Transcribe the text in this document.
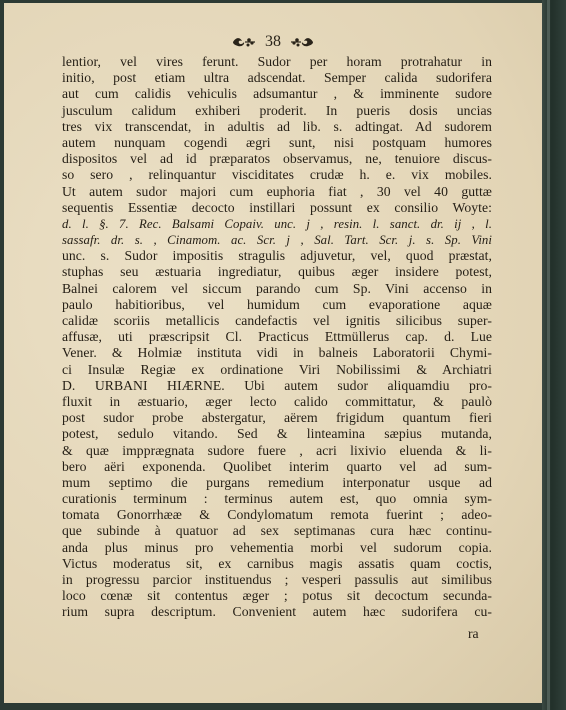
38
lentior, vel vires ferunt. Sudor per horam protrahatur in
initio, post etiam ultra adscendat. Semper calida sudorifera
aut cum calidis vehiculis adsumantur , & imminente sudore
jusculum calidum exhiberi proderit. In pueris dosis uncias
tres vix transcendat, in adultis ad lib. s. adtingat. Ad sudorem
autem nunquam cogendi ægri sunt, nisi postquam humores
dispositos vel ad id præparatos observamus, ne, tenuiore discus-
so sero , relinquantur visciditates crudæ h. e. vix mobiles.
Ut autem sudor majori cum euphoria fiat , 30 vel 40 guttæ
sequentis Essentiæ decocto instillari possunt ex consilio Woyte:
d. l. §. 7. Rec. Balsami Copaiv. unc. j , resin. l. sanct. dr. ij , l.
sassafr. dr. s. , Cinamom. ac. Scr. j , Sal. Tart. Scr. j. s. Sp. Vini
unc. s. Sudor impositis stragulis adjuvetur, vel, quod præstat,
stuphas seu æstuaria ingrediatur, quibus æger insidere potest,
Balnei calorem vel siccum parando cum Sp. Vini accenso in
paulo habitioribus, vel humidum cum evaporatione aquæ
calidæ scoriis metallicis candefactis vel ignitis silicibus super-
affusæ, uti præscripsit Cl. Practicus Ettmüllerus cap. d. Lue
Vener. & Holmiæ instituta vidi in balneis Laboratorii Chymi-
ci Insulæ Regiæ ex ordinatione Viri Nobilissimi & Archiatri
D. URBANI HIÆRNE. Ubi autem sudor aliquamdiu pro-
fluxit in æstuario, æger lecto calido committatur, & paulò
post sudor probe abstergatur, aërem frigidum quantum fieri
potest, sedulo vitando. Sed & linteamina sæpius mutanda,
& quæ impprægnata sudore fuere , acri lixivio eluenda & li-
bero aëri exponenda. Quolibet interim quarto vel ad sum-
mum septimo die purgans remedium interponatur usque ad
curationis terminum : terminus autem est, quo omnia sym-
tomata Gonorrhææ & Condylomatum remota fuerint ; adeo-
que subinde à quatuor ad sex septimanas cura hæc continu-
anda plus minus pro vehementia morbi vel sudorum copia.
Victus moderatus sit, ex carnibus magis assatis quam coctis,
in progressu parcior instituendus ; vesperi passulis aut similibus
loco cœnæ sit contentus æger ; potus sit decoctum secunda-
rium supra descriptum. Convenient autem hæc sudorifera cu-
ra
